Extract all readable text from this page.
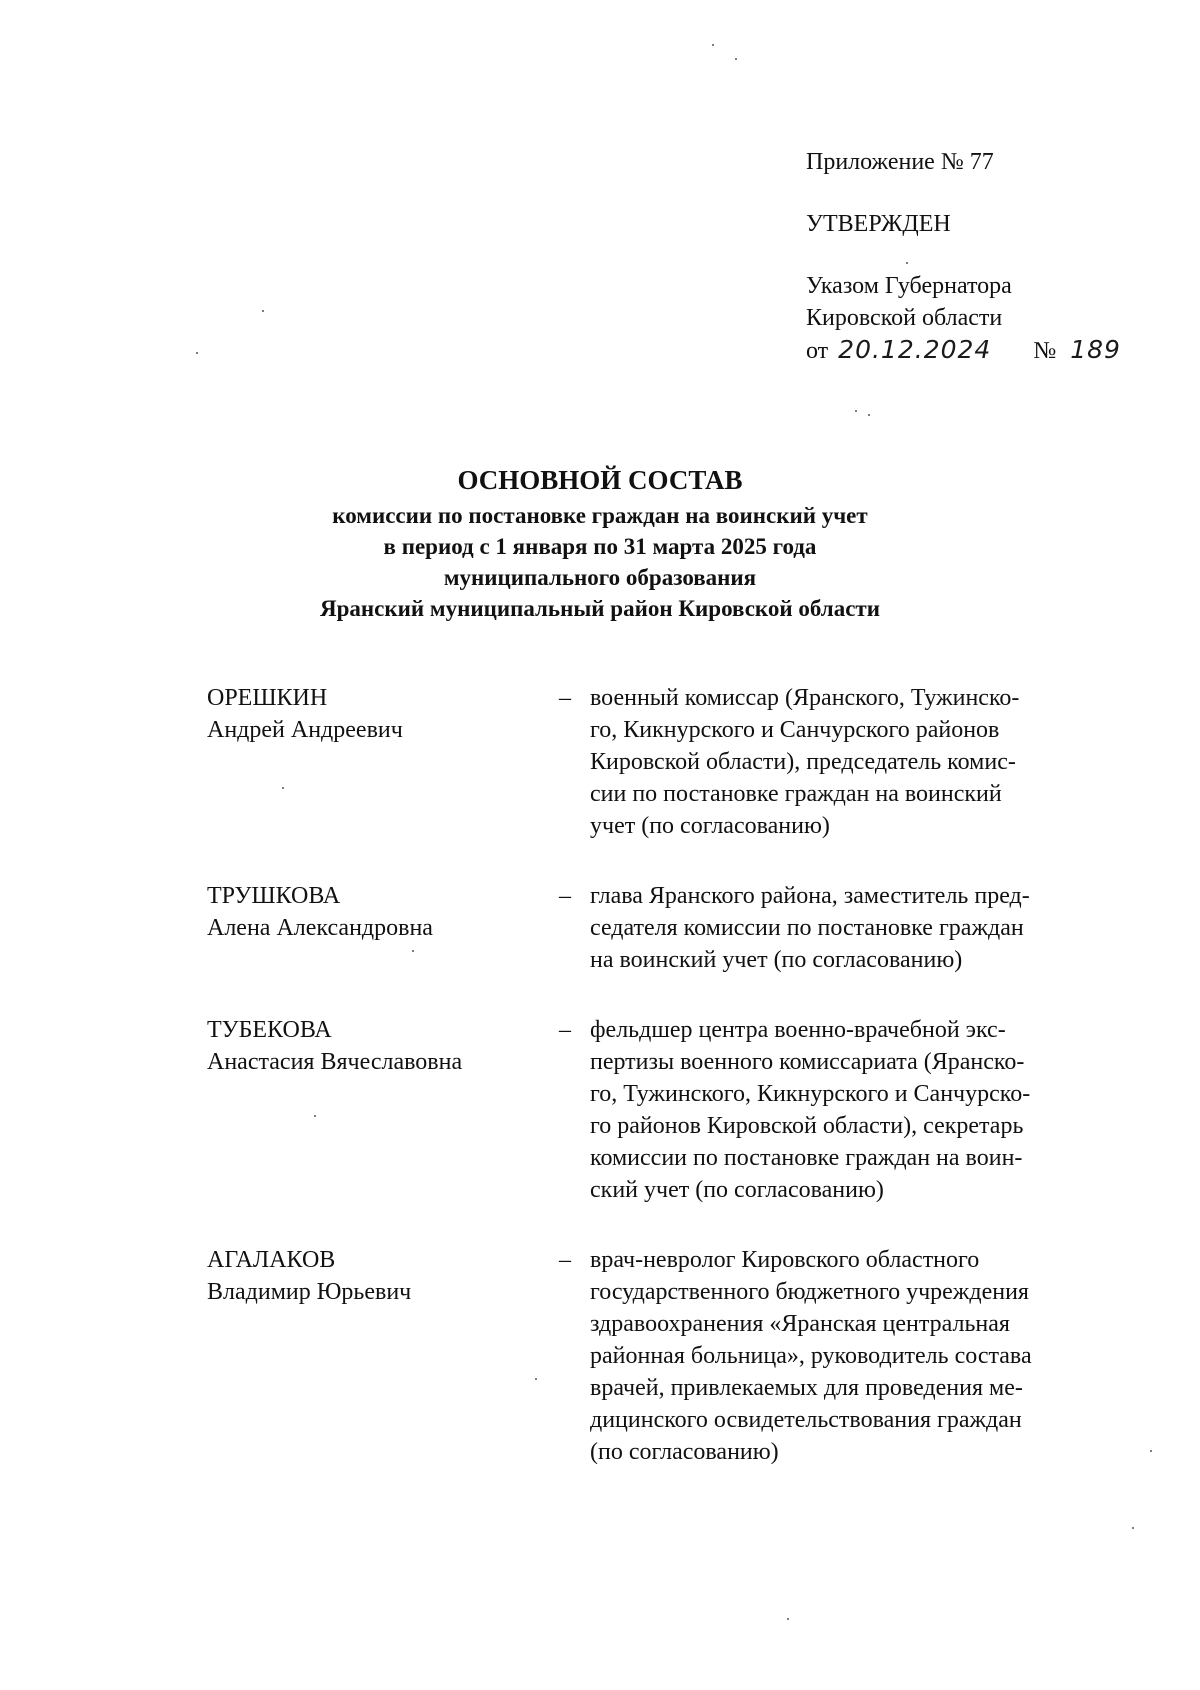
Приложение № 77
УТВЕРЖДЕН
Указом Губернатора
Кировской области
от 20.12.2024 № 189
ОСНОВНОЙ СОСТАВ
комиссии по постановке граждан на воинский учет
в период с 1 января по 31 марта 2025 года
муниципального образования
Яранский муниципальный район Кировской области
ОРЕШКИН
Андрей Андреевич
– военный комиссар (Яранского, Тужинско-
го, Кикнурского и Санчурского районов
Кировской области), председатель комис-
сии по постановке граждан на воинский
учет (по согласованию)
ТРУШКОВА
Алена Александровна
– глава Яранского района, заместитель пред-
седателя комиссии по постановке граждан
на воинский учет (по согласованию)
ТУБЕКОВА
Анастасия Вячеславовна
– фельдшер центра военно-врачебной экс-
пертизы военного комиссариата (Яранско-
го, Тужинского, Кикнурского и Санчурско-
го районов Кировской области), секретарь
комиссии по постановке граждан на воин-
ский учет (по согласованию)
АГАЛАКОВ
Владимир Юрьевич
– врач-невролог Кировского областного
государственного бюджетного учреждения
здравоохранения «Яранская центральная
районная больница», руководитель состава
врачей, привлекаемых для проведения ме-
дицинского освидетельствования граждан
(по согласованию)
